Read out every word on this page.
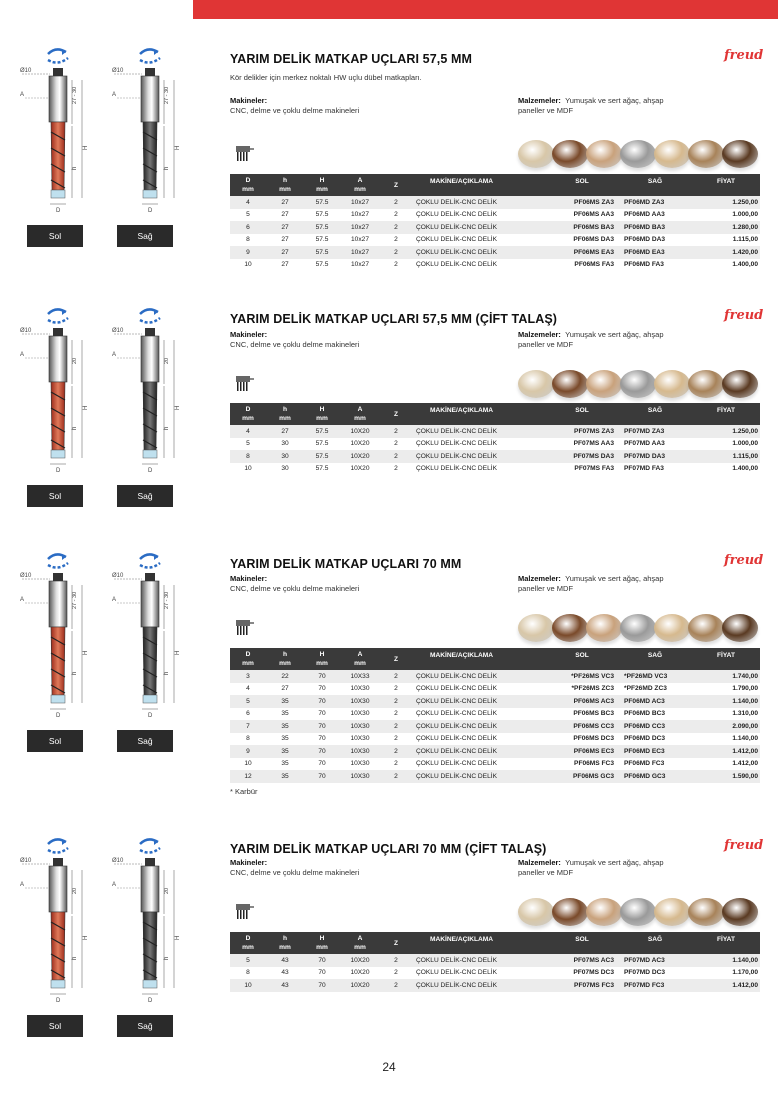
Ø10
A	27 - 30
H
h
D
Ø10
A	27 - 30
H
h
D
Sol	Sağ
YARIM DELİK MATKAP UÇLARI 57,5 MM	freud
Kör delikler için merkez noktalı HW uçlu dübel matkapları.
Makineler:
CNC, delme ve çoklu delme makineleri
Malzemeler: Yumuşak ve sert ağaç, ahşap
paneller ve MDF
D
mm	h
mm	H
mm	A
mm	Z	MAKİNE/AÇIKLAMA	SOL	SAĞ	FİYAT
4	27	57.5	10x27	2	ÇOKLU DELİK-CNC DELİK	PF06MS ZA3	PF06MD ZA3	1.250,00
5	27	57.5	10x27	2	ÇOKLU DELİK-CNC DELİK	PF06MS AA3	PF06MD AA3	1.000,00
6	27	57.5	10x27	2	ÇOKLU DELİK-CNC DELİK	PF06MS BA3	PF06MD BA3	1.280,00
8	27	57.5	10x27	2	ÇOKLU DELİK-CNC DELİK	PF06MS DA3	PF06MD DA3	1.115,00
9	27	57.5	10x27	2	ÇOKLU DELİK-CNC DELİK	PF06MS EA3	PF06MD EA3	1.420,00
10	27	57.5	10x27	2	ÇOKLU DELİK-CNC DELİK	PF06MS FA3	PF06MD FA3	1.400,00
Ø10
A
20
H
h
D
Ø10
A
20
H
h
D
Sol	Sağ
YARIM DELİK MATKAP UÇLARI 57,5 MM (ÇİFT TALAŞ)	freud
Makineler:
CNC, delme ve çoklu delme makineleri
Malzemeler: Yumuşak ve sert ağaç, ahşap
paneller ve MDF
D
mm	h
mm	H
mm	A
mm	Z	MAKİNE/AÇIKLAMA	SOL	SAĞ	FİYAT
4	27	57.5	10X20	2	ÇOKLU DELİK-CNC DELİK	PF07MS ZA3	PF07MD ZA3	1.250,00
5	30	57.5	10X20	2	ÇOKLU DELİK-CNC DELİK	PF07MS AA3	PF07MD AA3	1.000,00
8	30	57.5	10X20	2	ÇOKLU DELİK-CNC DELİK	PF07MS DA3	PF07MD DA3	1.115,00
10	30	57.5	10X20	2	ÇOKLU DELİK-CNC DELİK	PF07MS FA3	PF07MD FA3	1.400,00
Ø10
A	27 - 30
H
h
D
Ø10
A	27 - 30
H
h
D
Sol	Sağ
YARIM DELİK MATKAP UÇLARI 70 MM	freud
Makineler:
CNC, delme ve çoklu delme makineleri
Malzemeler: Yumuşak ve sert ağaç, ahşap
paneller ve MDF
D
mm	h
mm	H
mm	A
mm	Z	MAKİNE/AÇIKLAMA	SOL	SAĞ	FİYAT
3	22	70	10X33	2	ÇOKLU DELİK-CNC DELİK	*PF26MS VC3	*PF26MD VC3	1.740,00
4	27	70	10X30	2	ÇOKLU DELİK-CNC DELİK	*PF26MS ZC3	*PF26MD ZC3	1.790,00
5	35	70	10X30	2	ÇOKLU DELİK-CNC DELİK	PF06MS AC3	PF06MD AC3	1.140,00
6	35	70	10X30	2	ÇOKLU DELİK-CNC DELİK	PF06MS BC3	PF06MD BC3	1.310,00
7	35	70	10X30	2	ÇOKLU DELİK-CNC DELİK	PF06MS CC3	PF06MD CC3	2.090,00
8	35	70	10X30	2	ÇOKLU DELİK-CNC DELİK	PF06MS DC3	PF06MD DC3	1.140,00
9	35	70	10X30	2	ÇOKLU DELİK-CNC DELİK	PF06MS EC3	PF06MD EC3	1.412,00
10	35	70	10X30	2	ÇOKLU DELİK-CNC DELİK	PF06MS FC3	PF06MD FC3	1.412,00
12	35	70	10X30	2	ÇOKLU DELİK-CNC DELİK	PF06MS GC3	PF06MD GC3	1.590,00
* Karbür
Ø10
A
20
H
h
D
Ø10
A
20
H
h
D
Sol	Sağ
YARIM DELİK MATKAP UÇLARI 70 MM (ÇİFT TALAŞ)	freud
Makineler:
CNC, delme ve çoklu delme makineleri
Malzemeler: Yumuşak ve sert ağaç, ahşap
paneller ve MDF
D
mm	h
mm	H
mm	A
mm	Z	MAKİNE/AÇIKLAMA	SOL	SAĞ	FİYAT
5	43	70	10X20	2	ÇOKLU DELİK-CNC DELİK	PF07MS AC3	PF07MD AC3	1.140,00
8	43	70	10X20	2	ÇOKLU DELİK-CNC DELİK	PF07MS DC3	PF07MD DC3	1.170,00
10	43	70	10X20	2	ÇOKLU DELİK-CNC DELİK	PF07MS FC3	PF07MD FC3	1.412,00
24
